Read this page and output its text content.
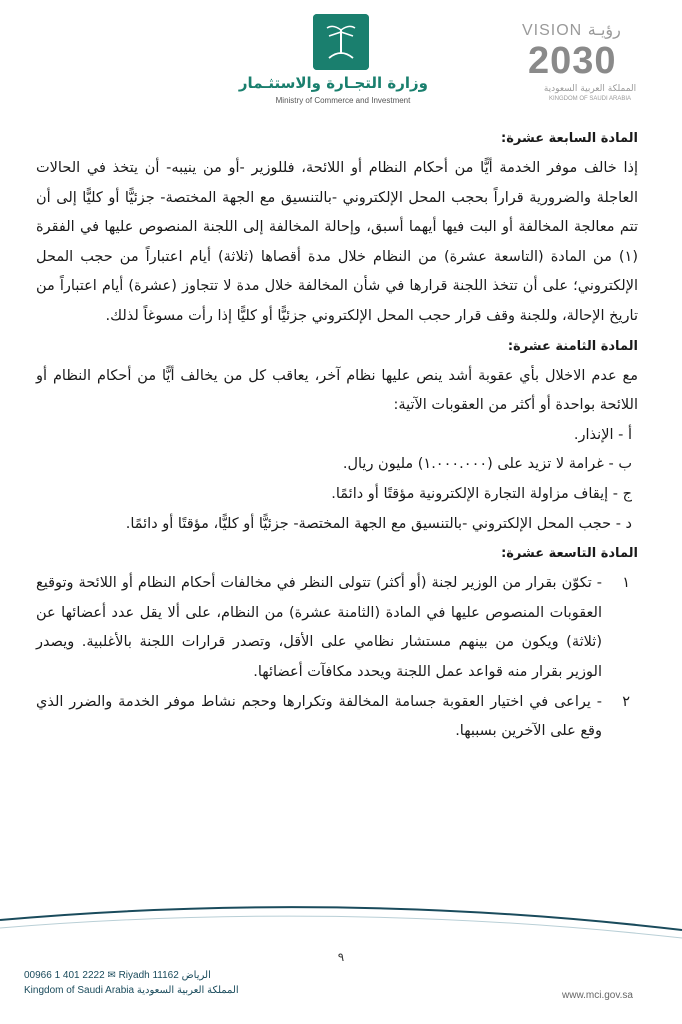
وزارة التجـارة والاستثـمار
Ministry of Commerce and Investment
VISION رؤيـة
2030
المملكة العربية السعودية
KINGDOM OF SAUDI ARABIA
المادة السابعة عشرة:
إذا خالف موفر الخدمة أيًّا من أحكام النظام أو اللائحة، فللوزير -أو من ينيبه- أن يتخذ في الحالات العاجلة والضرورية قراراً بحجب المحل الإلكتروني -بالتنسيق مع الجهة المختصة- جزئيًّا أو كليًّا إلى أن تتم معالجة المخالفة أو البت فيها أيهما أسبق، وإحالة المخالفة إلى اللجنة المنصوص عليها في الفقرة (١) من المادة (التاسعة عشرة) من النظام خلال مدة أقصاها (ثلاثة) أيام اعتباراً من حجب المحل الإلكتروني؛ على أن تتخذ اللجنة قرارها في شأن المخالفة خلال مدة لا تتجاوز (عشرة) أيام اعتباراً من تاريخ الإحالة، وللجنة وقف قرار حجب المحل الإلكتروني جزئيًّا أو كليًّا إذا رأت مسوغاً لذلك.
المادة الثامنة عشرة:
مع عدم الاخلال بأي عقوبة أشد ينص عليها نظام آخر، يعاقب كل من يخالف أيًّا من أحكام النظام أو اللائحة بواحدة أو أكثر من العقوبات الآتية:
أ - الإنذار.
ب - غرامة لا تزيد على (١.٠٠٠.٠٠٠) مليون ريال.
ج - إيقاف مزاولة التجارة الإلكترونية مؤقتًا أو دائمًا.
د - حجب المحل الإلكتروني -بالتنسيق مع الجهة المختصة- جزئيًّا أو كليًّا، مؤقتًا أو دائمًا.
المادة التاسعة عشرة:
١
- تكوّن بقرار من الوزير لجنة (أو أكثر) تتولى النظر في مخالفات أحكام النظام أو اللائحة وتوقيع العقوبات المنصوص عليها في المادة (الثامنة عشرة) من النظام، على ألا يقل عدد أعضائها عن (ثلاثة) ويكون من بينهم مستشار نظامي على الأقل، وتصدر قرارات اللجنة بالأغلبية. ويصدر الوزير بقرار منه قواعد عمل اللجنة ويحدد مكافآت أعضائها.
٢
- يراعى في اختيار العقوبة جسامة المخالفة وتكرارها وحجم نشاط موفر الخدمة والضرر الذي وقع على الآخرين بسببها.
٩
00966 1 401 2222 ✉ Riyadh 11162 الرياض
Kingdom of Saudi Arabia المملكة العربية السعودية	www.mci.gov.sa
